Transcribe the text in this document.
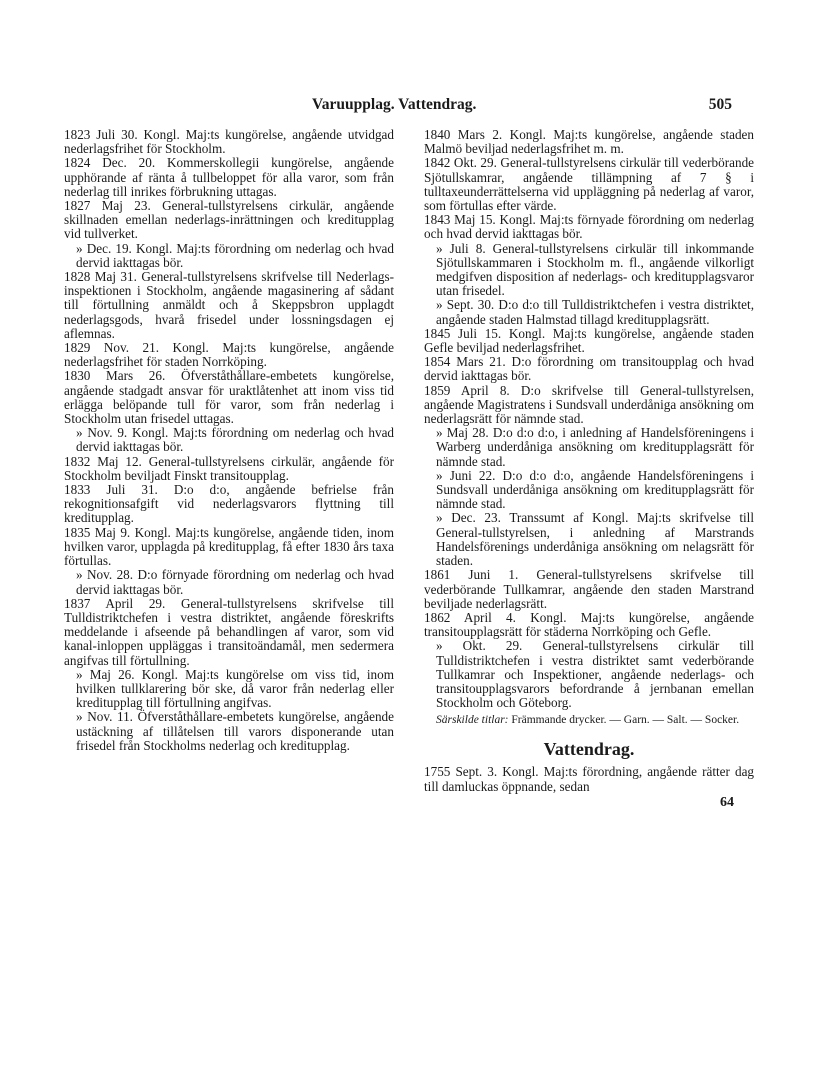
Varuupplag. Vattendrag.	505

1823 Juli 30. Kongl. Maj:ts kungörelse, angående utvidgad nederlagsfrihet för Stockholm.

1824 Dec. 20. Kommerskollegii kungörelse, angående upphörande af ränta å tullbeloppet för alla varor, som från nederlag till inrikes förbrukning uttagas.

1827 Maj 23. General-tullstyrelsens cirkulär, angående skillnaden emellan nederlags-inrättningen och kreditupplag vid tullverket.

» Dec. 19. Kongl. Maj:ts förordning om nederlag och hvad dervid iakttagas bör.

1828 Maj 31. General-tullstyrelsens skrifvelse till Nederlags-inspektionen i Stockholm, angående magasinering af sådant till förtullning anmäldt och å Skeppsbron upplagdt nederlagsgods, hvarå frisedel under lossningsdagen ej aflemnas.

1829 Nov. 21. Kongl. Maj:ts kungörelse, angående nederlagsfrihet för staden Norrköping.

1830 Mars 26. Öfverståthållare-embetets kungörelse, angående stadgadt ansvar för uraktlåtenhet att inom viss tid erlägga belöpande tull för varor, som från nederlag i Stockholm utan frisedel uttagas.

» Nov. 9. Kongl. Maj:ts förordning om nederlag och hvad dervid iakttagas bör.

1832 Maj 12. General-tullstyrelsens cirkulär, angående för Stockholm beviljadt Finskt transitoupplag.

1833 Juli 31. D:o d:o, angående befrielse från rekognitionsafgift vid nederlagsvarors flyttning till kreditupplag.

1835 Maj 9. Kongl. Maj:ts kungörelse, angående tiden, inom hvilken varor, upplagda på kreditupplag, få efter 1830 års taxa förtullas.

» Nov. 28. D:o förnyade förordning om nederlag och hvad dervid iakttagas bör.

1837 April 29. General-tullstyrelsens skrifvelse till Tulldistriktchefen i vestra distriktet, angående föreskrifts meddelande i afseende på behandlingen af varor, som vid kanal-inloppen uppläggas i transitoändamål, men sedermera angifvas till förtullning.

» Maj 26. Kongl. Maj:ts kungörelse om viss tid, inom hvilken tullklarering bör ske, då varor från nederlag eller kreditupplag till förtullning angifvas.

» Nov. 11. Öfverståthållare-embetets kungörelse, angående ustäckning af tillåtelsen till varors disponerande utan frisedel från Stockholms nederlag och kreditupplag.

1840 Mars 2. Kongl. Maj:ts kungörelse, angående staden Malmö beviljad nederlagsfrihet m. m.

1842 Okt. 29. General-tullstyrelsens cirkulär till vederbörande Sjötullskamrar, angående tillämpning af 7 § i tulltaxeunderrättelserna vid uppläggning på nederlag af varor, som förtullas efter värde.

1843 Maj 15. Kongl. Maj:ts förnyade förordning om nederlag och hvad dervid iakttagas bör.

» Juli 8. General-tullstyrelsens cirkulär till inkommande Sjötullskammaren i Stockholm m. fl., angående vilkorligt medgifven disposition af nederlags- och kreditupplagsvaror utan frisedel.

» Sept. 30. D:o d:o till Tulldistriktchefen i vestra distriktet, angående staden Halmstad tillagd kreditupplagsrätt.

1845 Juli 15. Kongl. Maj:ts kungörelse, angående staden Gefle beviljad nederlagsfrihet.

1854 Mars 21. D:o förordning om transitoupplag och hvad dervid iakttagas bör.

1859 April 8. D:o skrifvelse till General-tullstyrelsen, angående Magistratens i Sundsvall underdåniga ansökning om nederlagsrätt för nämnde stad.

» Maj 28. D:o d:o d:o, i anledning af Handelsföreningens i Warberg underdåniga ansökning om kreditupplagsrätt för nämnde stad.

» Juni 22. D:o d:o d:o, angående Handelsföreningens i Sundsvall underdåniga ansökning om kreditupplagsrätt för nämnde stad.

» Dec. 23. Transsumt af Kongl. Maj:ts skrifvelse till General-tullstyrelsen, i anledning af Marstrands Handelsförenings underdåniga ansökning om nelagsrätt för staden.

1861 Juni 1. General-tullstyrelsens skrifvelse till vederbörande Tullkamrar, angående den staden Marstrand beviljade nederlagsrätt.

1862 April 4. Kongl. Maj:ts kungörelse, angående transitoupplagsrätt för städerna Norrköping och Gefle.

» Okt. 29. General-tullstyrelsens cirkulär till Tulldistriktchefen i vestra distriktet samt vederbörande Tullkamrar och Inspektioner, angående nederlags- och transitoupplagsvarors befordrande å jernbanan emellan Stockholm och Göteborg.

Särskilde titlar: Främmande drycker. — Garn. — Salt. — Socker.
Vattendrag.

1755 Sept. 3. Kongl. Maj:ts förordning, angående rätter dag till damluckas öppnande, sedan

64
